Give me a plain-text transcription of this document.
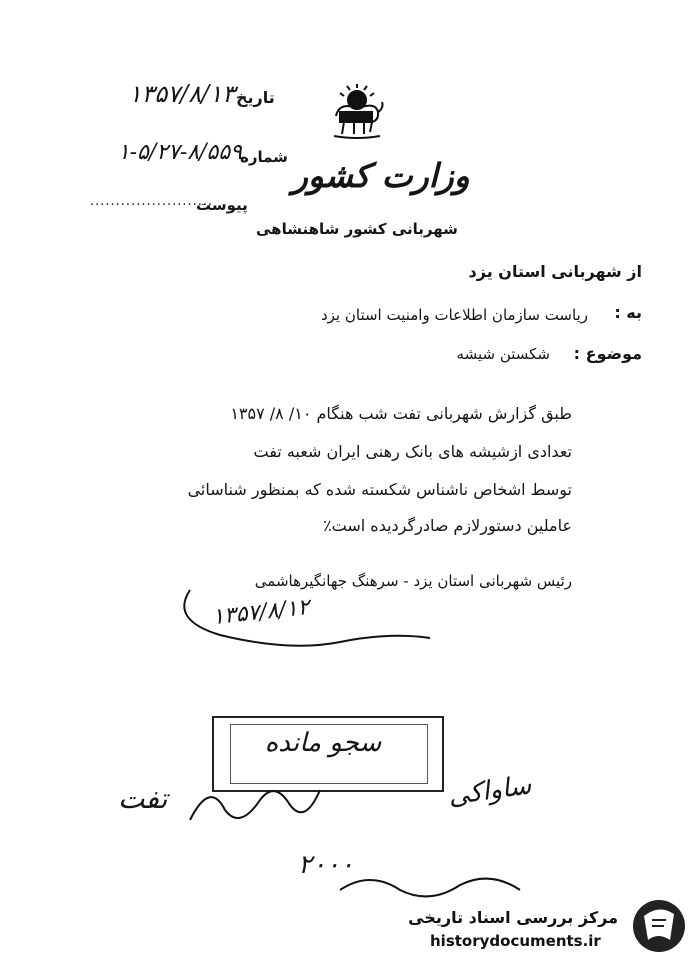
وزارت کشور
شهربانی کشور شاهنشاهی
تاریخ
۱۳۵۷/۸/۱۳
شماره
۱-۵/۲۷-۸/۵۵۹
پیوست
........................
از شهربانی استان یزد
به :
ریاست سازمان اطلاعات وامنیت استان یزد
موضوع :
شکستن شیشه
طبق گزارش شهربانی تفت شب هنگام ۱۰/ ۸/ ۱۳۵۷
تعدادی ازشیشه های بانک رهنی ایران شعبه تفت
توسط اشخاص ناشناس شکسته شده که بمنظور شناسائی
عاملین دستورلازم صادرگردیده است٪
رئیس شهربانی استان یزد - سرهنگ جهانگیرهاشمی
۱۳۵۷/۸/۱۲
سجو مانده
ساواکی
تفت
۲۰۰۰
مرکز بررسی اسناد تاریخی
historydocuments.ir
